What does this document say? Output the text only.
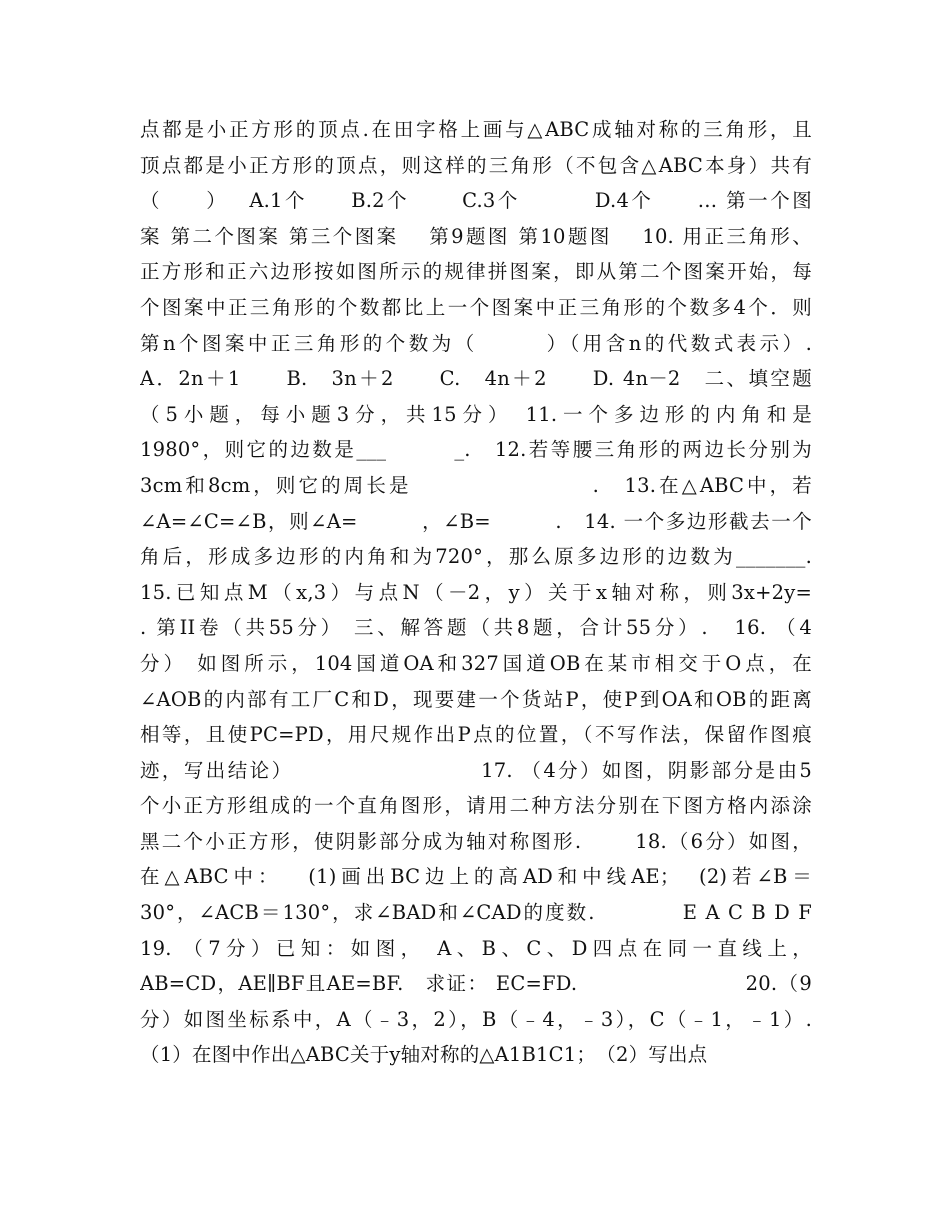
点都是小正方形的顶点.在田字格上画与△ABC成轴对称的三角形，且
顶点都是小正方形的顶点，则这样的三角形（不包含△ABC本身）共有
（　　）　 A.1个　　B.2个　　 C.3个　　　 D.4个　　… 第一个图
案 第二个图案 第三个图案　 第9题图 第10题图　 10. 用正三角形、
正方形和正六边形按如图所示的规律拼图案，即从第二个图案开始，每
个图案中正三角形的个数都比上一个图案中正三角形的个数多4个．则
第n个图案中正三角形的个数为（　　　）（用含n的代数式表示）.
A．2n＋1　　B.　3n＋2　　C.　4n＋2　　D. 4n－2　二、填空题
（5小题，每小题3分，共15分） 11.一个多边形的内角和是
1980°，则它的边数是___　　　_.　12.若等腰三角形的两边长分别为
3cm和8cm，则它的周长是　　　　　　　　.　13.在△ABC中，若
∠A=∠C=∠B，则∠A=　　　，∠B=　　　.　14. 一个多边形截去一个
角后，形成多边形的内角和为720°，那么原多边形的边数为_______.
15.已知点M（x,3）与点N（－2，y）关于x轴对称，则3x+2y=
. 第II卷（共55分） 三、解答题（共8题，合计55分）.　16. （4
分） 如图所示，104国道OA和327国道OB在某市相交于O点，在
∠AOB的内部有工厂C和D，现要建一个货站P，使P到OA和OB的距离
相等，且使PC=PD，用尺规作出P点的位置，（不写作法，保留作图痕
迹，写出结论）　　　　　　　　　17. （4分）如图，阴影部分是由5
个小正方形组成的一个直角图形，请用二种方法分别在下图方格内添涂
黑二个小正方形，使阴影部分成为轴对称图形.　　 18.（6分）如图，
在△ABC中：　 (1)画出BC边上的高AD和中线AE；　(2)若∠B＝
30°，∠ACB＝130°，求∠BAD和∠CAD的度数.　　　　E A C B D F
19. （7分）已知：如图， A、B、C、D四点在同一直线上，
AB=CD，AE∥BF且AE=BF.　求证： EC=FD.　　　　　　　　20.（9
分）如图坐标系中，A（﹣3，2），B（﹣4，﹣3），C（﹣1，﹣1）.
（1）在图中作出△ABC关于y轴对称的△A1B1C1；　（2）写出点
